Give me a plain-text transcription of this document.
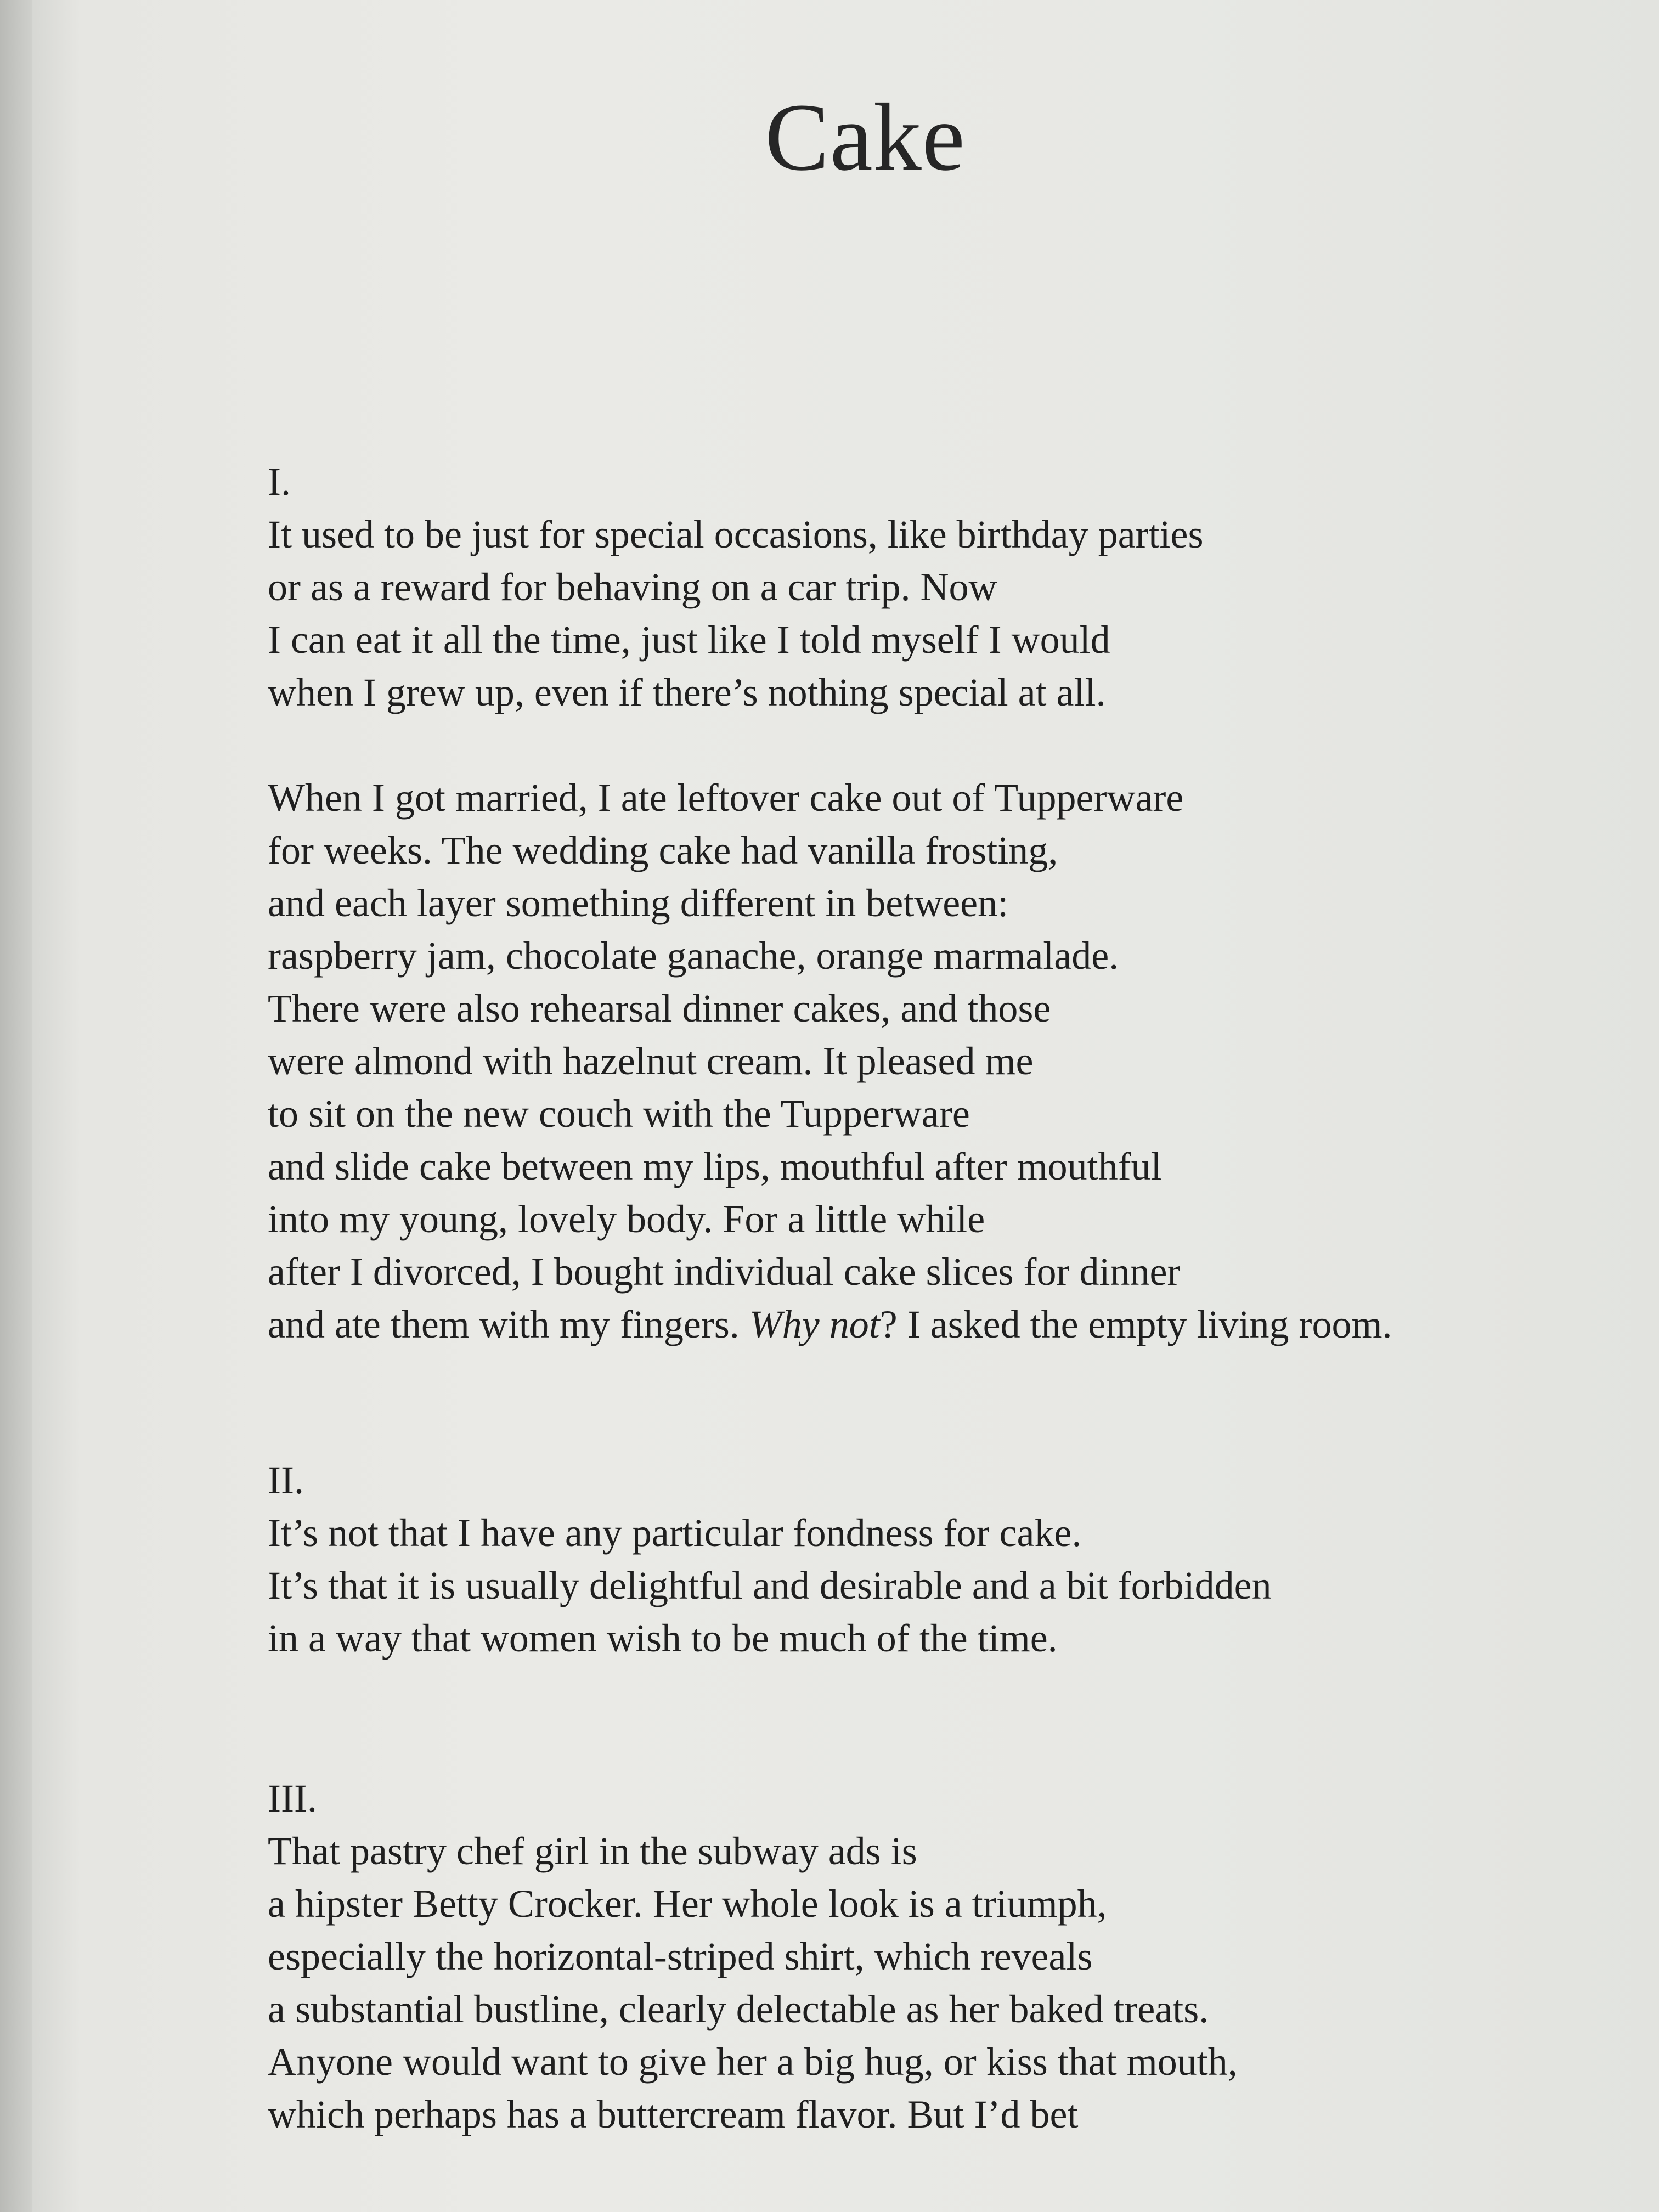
Cake
I.
It used to be just for special occasions, like birthday parties
or as a reward for behaving on a car trip. Now
I can eat it all the time, just like I told myself I would
when I grew up, even if there’s nothing special at all.
When I got married, I ate leftover cake out of Tupperware
for weeks. The wedding cake had vanilla frosting,
and each layer something different in between:
raspberry jam, chocolate ganache, orange marmalade.
There were also rehearsal dinner cakes, and those
were almond with hazelnut cream. It pleased me
to sit on the new couch with the Tupperware
and slide cake between my lips, mouthful after mouthful
into my young, lovely body. For a little while
after I divorced, I bought individual cake slices for dinner
and ate them with my fingers. Why not? I asked the empty living room.
II.
It’s not that I have any particular fondness for cake.
It’s that it is usually delightful and desirable and a bit forbidden
in a way that women wish to be much of the time.
III.
That pastry chef girl in the subway ads is
a hipster Betty Crocker. Her whole look is a triumph,
especially the horizontal-striped shirt, which reveals
a substantial bustline, clearly delectable as her baked treats.
Anyone would want to give her a big hug, or kiss that mouth,
which perhaps has a buttercream flavor. But I’d bet
